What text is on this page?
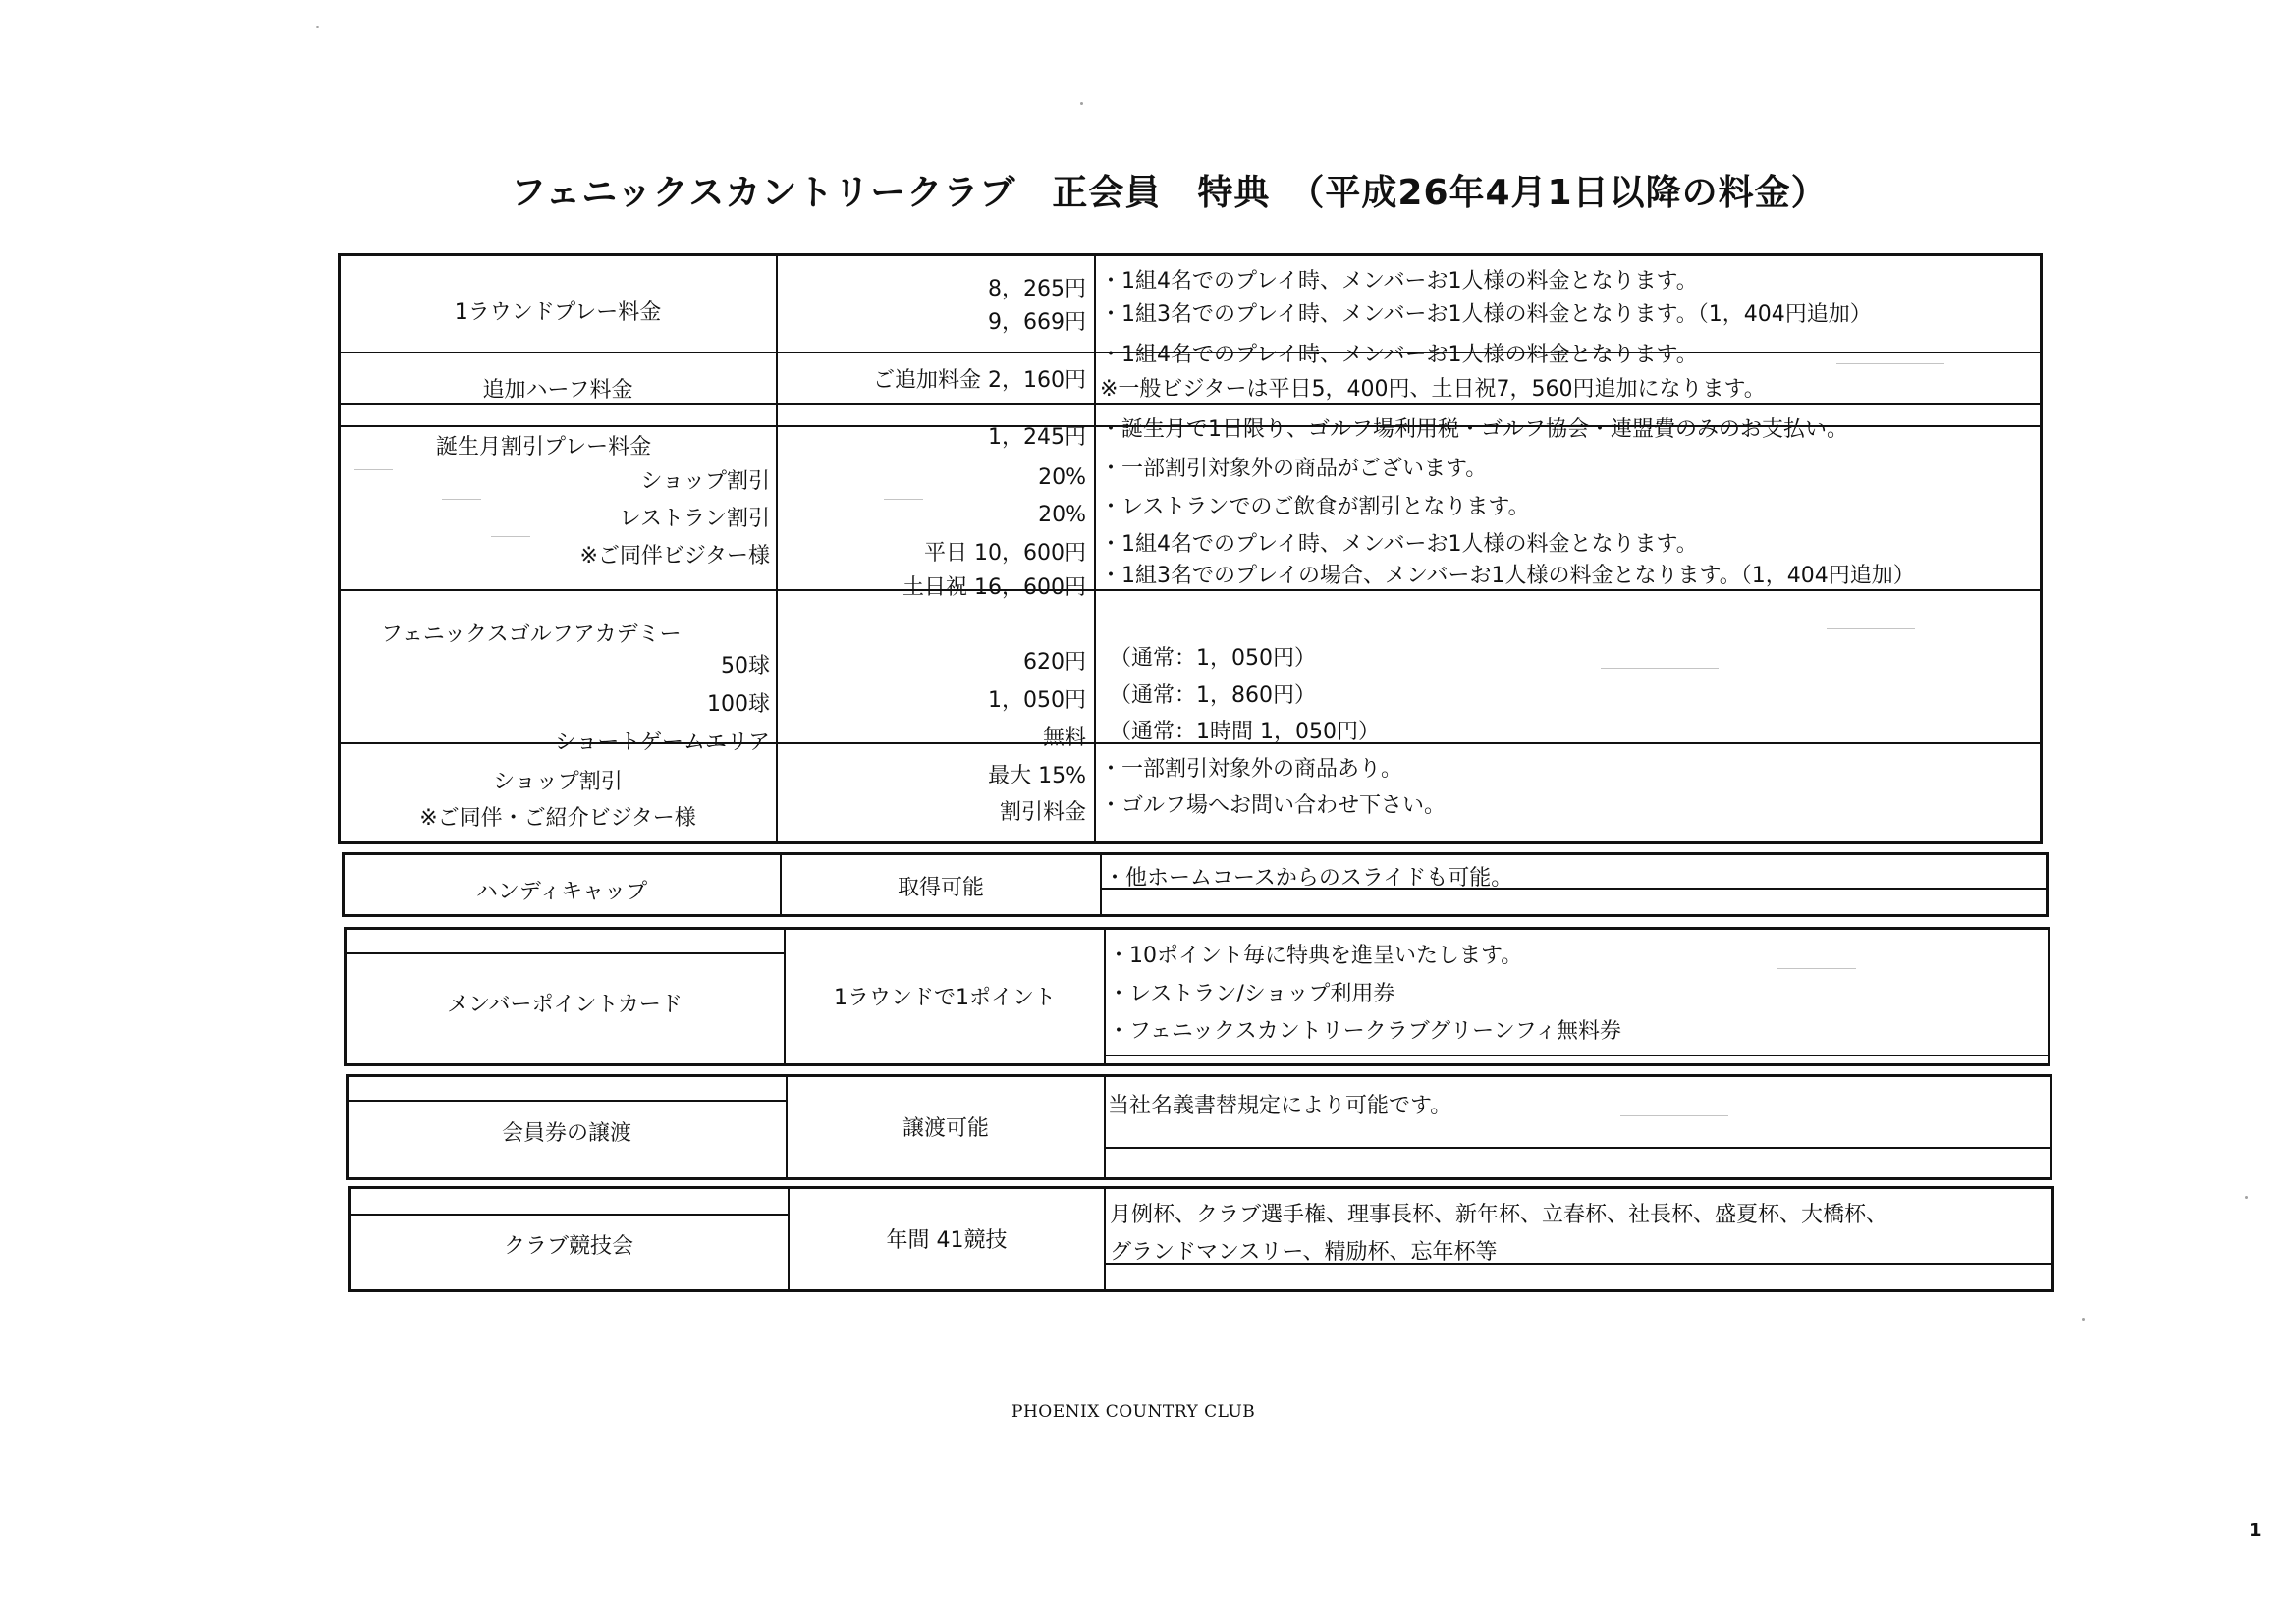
フェニックスカントリークラブ　正会員　特典　（平成26年4月1日以降の料金）
1ラウンドプレー料金
8，265円 ・1組4名でのプレイ時、メンバーお1人様の料金となります。
9，669円 ・1組3名でのプレイ時、メンバーお1人様の料金となります。（1，404円追加）
追加ハーフ料金	ご追加料金 2，160円
・1組4名でのプレイ時、メンバーお1人様の料金となります。
※一般ビジターは平日5，400円、土日祝7，560円追加になります。
誕生月割引プレー料金	1，245円 ・誕生月で1日限り、ゴルフ場利用税・ゴルフ協会・連盟費のみのお支払い。
ショップ割引	20% ・一部割引対象外の商品がございます。
レストラン割引	20% ・レストランでのご飲食が割引となります。
※ご同伴ビジター様	平日 10，600円 ・1組4名でのプレイ時、メンバーお1人様の料金となります。
土日祝 16，600円 ・1組3名でのプレイの場合、メンバーお1人様の料金となります。（1，404円追加）
フェニックスゴルフアカデミー
50球	620円 （通常：1，050円）
100球	1，050円 （通常：1，860円）
ショートゲームエリア	無料 （通常：1時間 1，050円）
ショップ割引	最大 15% ・一部割引対象外の商品あり。
※ご同伴・ご紹介ビジター様	割引料金 ・ゴルフ場へお問い合わせ下さい。
ハンディキャップ	取得可能	・他ホームコースからのスライドも可能。
メンバーポイントカード	1ラウンドで1ポイント
・10ポイント毎に特典を進呈いたします。
・レストラン/ショップ利用券
・フェニックスカントリークラブグリーンフィ無料券
会員券の譲渡	譲渡可能
当社名義書替規定により可能です。
クラブ競技会	年間 41競技
月例杯、クラブ選手権、理事長杯、新年杯、立春杯、社長杯、盛夏杯、大橋杯、
グランドマンスリー、精励杯、忘年杯等
PHOENIX COUNTRY CLUB
1
